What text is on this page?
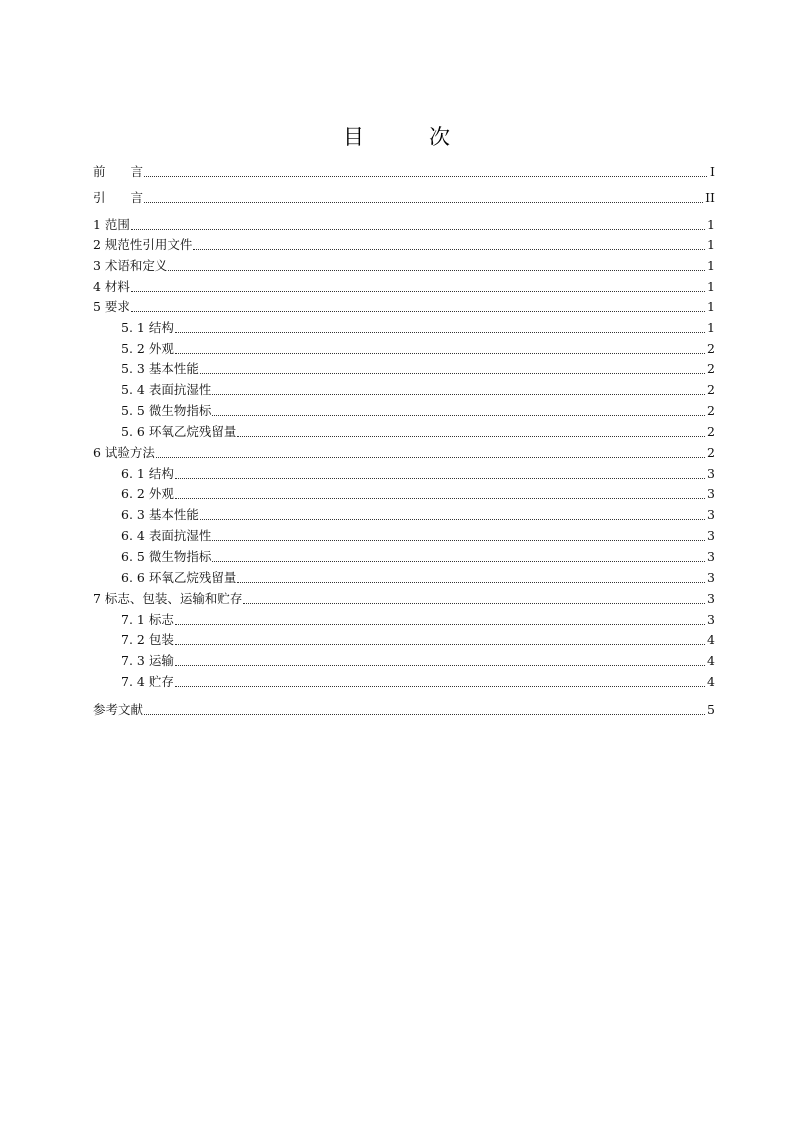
目　次
前　　言	I
引　　言	II
1 范围	1
2 规范性引用文件	1
3 术语和定义	1
4 材料	1
5 要求	1
5. 1 结构	1
5. 2 外观	2
5. 3 基本性能	2
5. 4 表面抗湿性	2
5. 5 微生物指标	2
5. 6 环氧乙烷残留量	2
6 试验方法	2
6. 1 结构	3
6. 2 外观	3
6. 3 基本性能	3
6. 4 表面抗湿性	3
6. 5 微生物指标	3
6. 6 环氧乙烷残留量	3
7 标志、包装、运输和贮存	3
7. 1 标志	3
7. 2 包装	4
7. 3 运输	4
7. 4 贮存	4
参考文献	5
